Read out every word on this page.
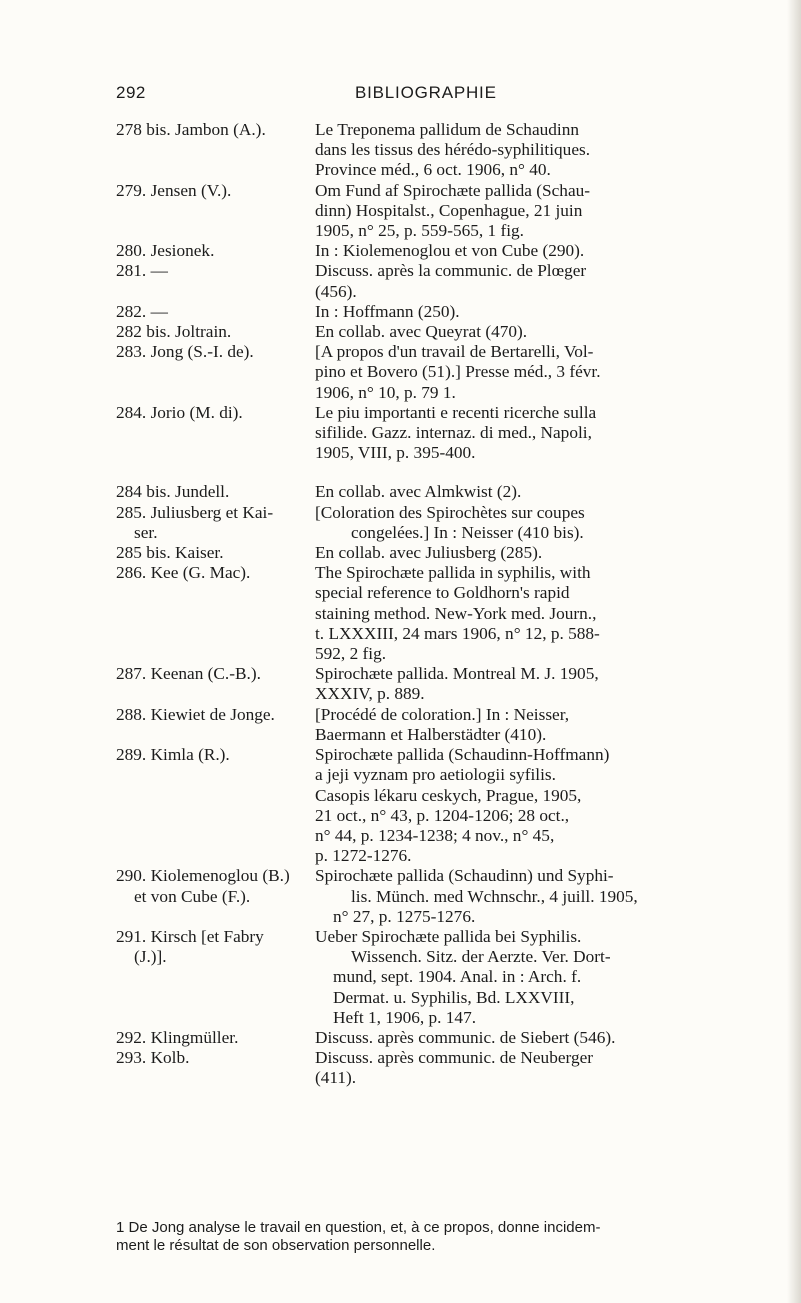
292	BIBLIOGRAPHIE
278 bis. Jambon (A.).	Le Treponema pallidum de Schaudinn
dans les tissus des hérédo-syphilitiques.
Province méd., 6 oct. 1906, n° 40.
279. Jensen (V.).	Om Fund af Spirochæte pallida (Schau-
dinn) Hospitalst., Copenhague, 21 juin
1905, n° 25, p. 559-565, 1 fig.
280. Jesionek.	In : Kiolemenoglou et von Cube (290).
281. —	Discuss. après la communic. de Plœger
(456).
282. —	In : Hoffmann (250).
282 bis. Joltrain.	En collab. avec Queyrat (470).
283. Jong (S.-I. de).	[A propos d'un travail de Bertarelli, Vol-
pino et Bovero (51).] Presse méd., 3 févr.
1906, n° 10, p. 79 1.
284. Jorio (M. di).	Le piu importanti e recenti ricerche sulla
sifilide. Gazz. internaz. di med., Napoli,
1905, VIII, p. 395-400.
284 bis. Jundell.	En collab. avec Almkwist (2).
285. Juliusberg et Kai-	[Coloration des Spirochètes sur coupes
ser.	congelées.] In : Neisser (410 bis).
285 bis. Kaiser.	En collab. avec Juliusberg (285).
286. Kee (G. Mac).	The Spirochæte pallida in syphilis, with
special reference to Goldhorn's rapid
staining method. New-York med. Journ.,
t. LXXXIII, 24 mars 1906, n° 12, p. 588-
592, 2 fig.
287. Keenan (C.-B.).	Spirochæte pallida. Montreal M. J. 1905,
XXXIV, p. 889.
288. Kiewiet de Jonge.	[Procédé de coloration.] In : Neisser,
Baermann et Halberstädter (410).
289. Kimla (R.).	Spirochæte pallida (Schaudinn-Hoffmann)
a jeji vyznam pro aetiologii syfilis.
Casopis lékaru ceskych, Prague, 1905,
21 oct., n° 43, p. 1204-1206; 28 oct.,
n° 44, p. 1234-1238; 4 nov., n° 45,
p. 1272-1276.
290. Kiolemenoglou (B.)	Spirochæte pallida (Schaudinn) und Syphi-
et von Cube (F.).	lis. Münch. med Wchnschr., 4 juill. 1905,
n° 27, p. 1275-1276.
291. Kirsch [et Fabry	Ueber Spirochæte pallida bei Syphilis.
(J.)].	Wissench. Sitz. der Aerzte. Ver. Dort-
mund, sept. 1904. Anal. in : Arch. f.
Dermat. u. Syphilis, Bd. LXXVIII,
Heft 1, 1906, p. 147.
292. Klingmüller.	Discuss. après communic. de Siebert (546).
293. Kolb.	Discuss. après communic. de Neuberger
(411).

1 De Jong analyse le travail en question, et, à ce propos, donne incidem-

ment le résultat de son observation personnelle.
